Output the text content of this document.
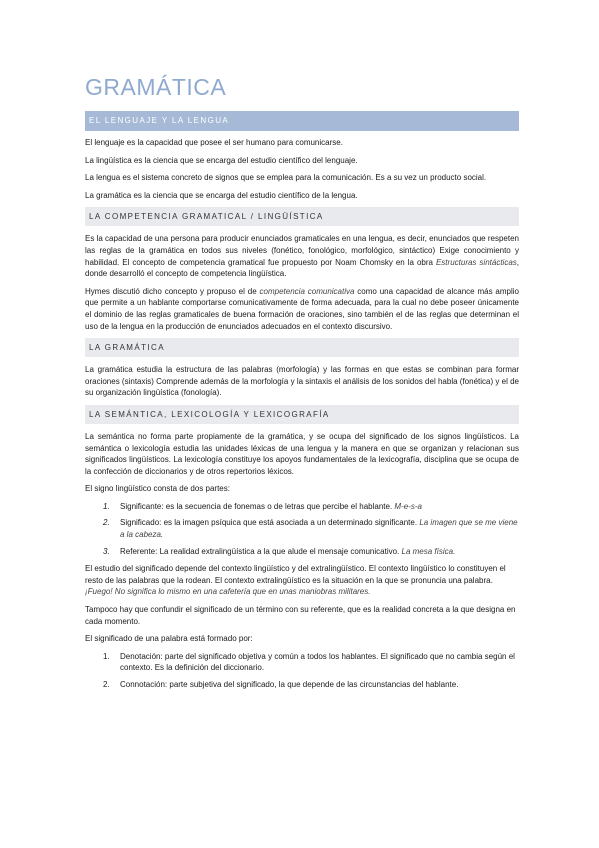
GRAMÁTICA
EL LENGUAJE Y LA LENGUA

El lenguaje es la capacidad que posee el ser humano para comunicarse.

La lingüística es la ciencia que se encarga del estudio científico del lenguaje.

La lengua es el sistema concreto de signos que se emplea para la comunicación. Es a su vez un producto social.

La gramática es la ciencia que se encarga del estudio científico de la lengua.

LA COMPETENCIA GRAMATICAL / LINGÜÍSTICA

Es la capacidad de una persona para producir enunciados gramaticales en una lengua, es decir, enunciados que respeten las reglas de la gramática en todos sus niveles (fonético, fonológico, morfológico, sintáctico) Exige conocimiento y habilidad. El concepto de competencia gramatical fue propuesto por Noam Chomsky en la obra Estructuras sintácticas, donde desarrolló el concepto de competencia lingüística.

Hymes discutió dicho concepto y propuso el de competencia comunicativa como una capacidad de alcance más amplio que permite a un hablante comportarse comunicativamente de forma adecuada, para la cual no debe poseer únicamente el dominio de las reglas gramaticales de buena formación de oraciones, sino también el de las reglas que determinan el uso de la lengua en la producción de enunciados adecuados en el contexto discursivo.

LA GRAMÁTICA

La gramática estudia la estructura de las palabras (morfología) y las formas en que estas se combinan para formar oraciones (sintaxis) Comprende además de la morfología y la sintaxis el análisis de los sonidos del habla (fonética) y el de su organización lingüística (fonología).

LA SEMÁNTICA, LEXICOLOGÍA Y LEXICOGRAFÍA

La semántica no forma parte propiamente de la gramática, y se ocupa del significado de los signos lingüísticos. La semántica o lexicología estudia las unidades léxicas de una lengua y la manera en que se organizan y relacionan sus significados lingüísticos. La lexicología constituye los apoyos fundamentales de la lexicografía, disciplina que se ocupa de la confección de diccionarios y de otros repertorios léxicos.

El signo lingüístico consta de dos partes:

1. Significante: es la secuencia de fonemas o de letras que percibe el hablante. M-e-s-a
2. Significado: es la imagen psíquica que está asociada a un determinado significante. La imagen que se me viene a la cabeza.
3. Referente: La realidad extralingüística a la que alude el mensaje comunicativo. La mesa física.

El estudio del significado depende del contexto lingüístico y del extralingüístico. El contexto lingüístico lo constituyen el resto de las palabras que la rodean. El contexto extralingüístico es la situación en la que se pronuncia una palabra. ¡Fuego! No significa lo mismo en una cafetería que en unas maniobras militares.

Tampoco hay que confundir el significado de un término con su referente, que es la realidad concreta a la que designa en cada momento.

El significado de una palabra está formado por:

1. Denotación: parte del significado objetiva y común a todos los hablantes. El significado que no cambia según el contexto. Es la definición del diccionario.
2. Connotación: parte subjetiva del significado, la que depende de las circunstancias del hablante.
